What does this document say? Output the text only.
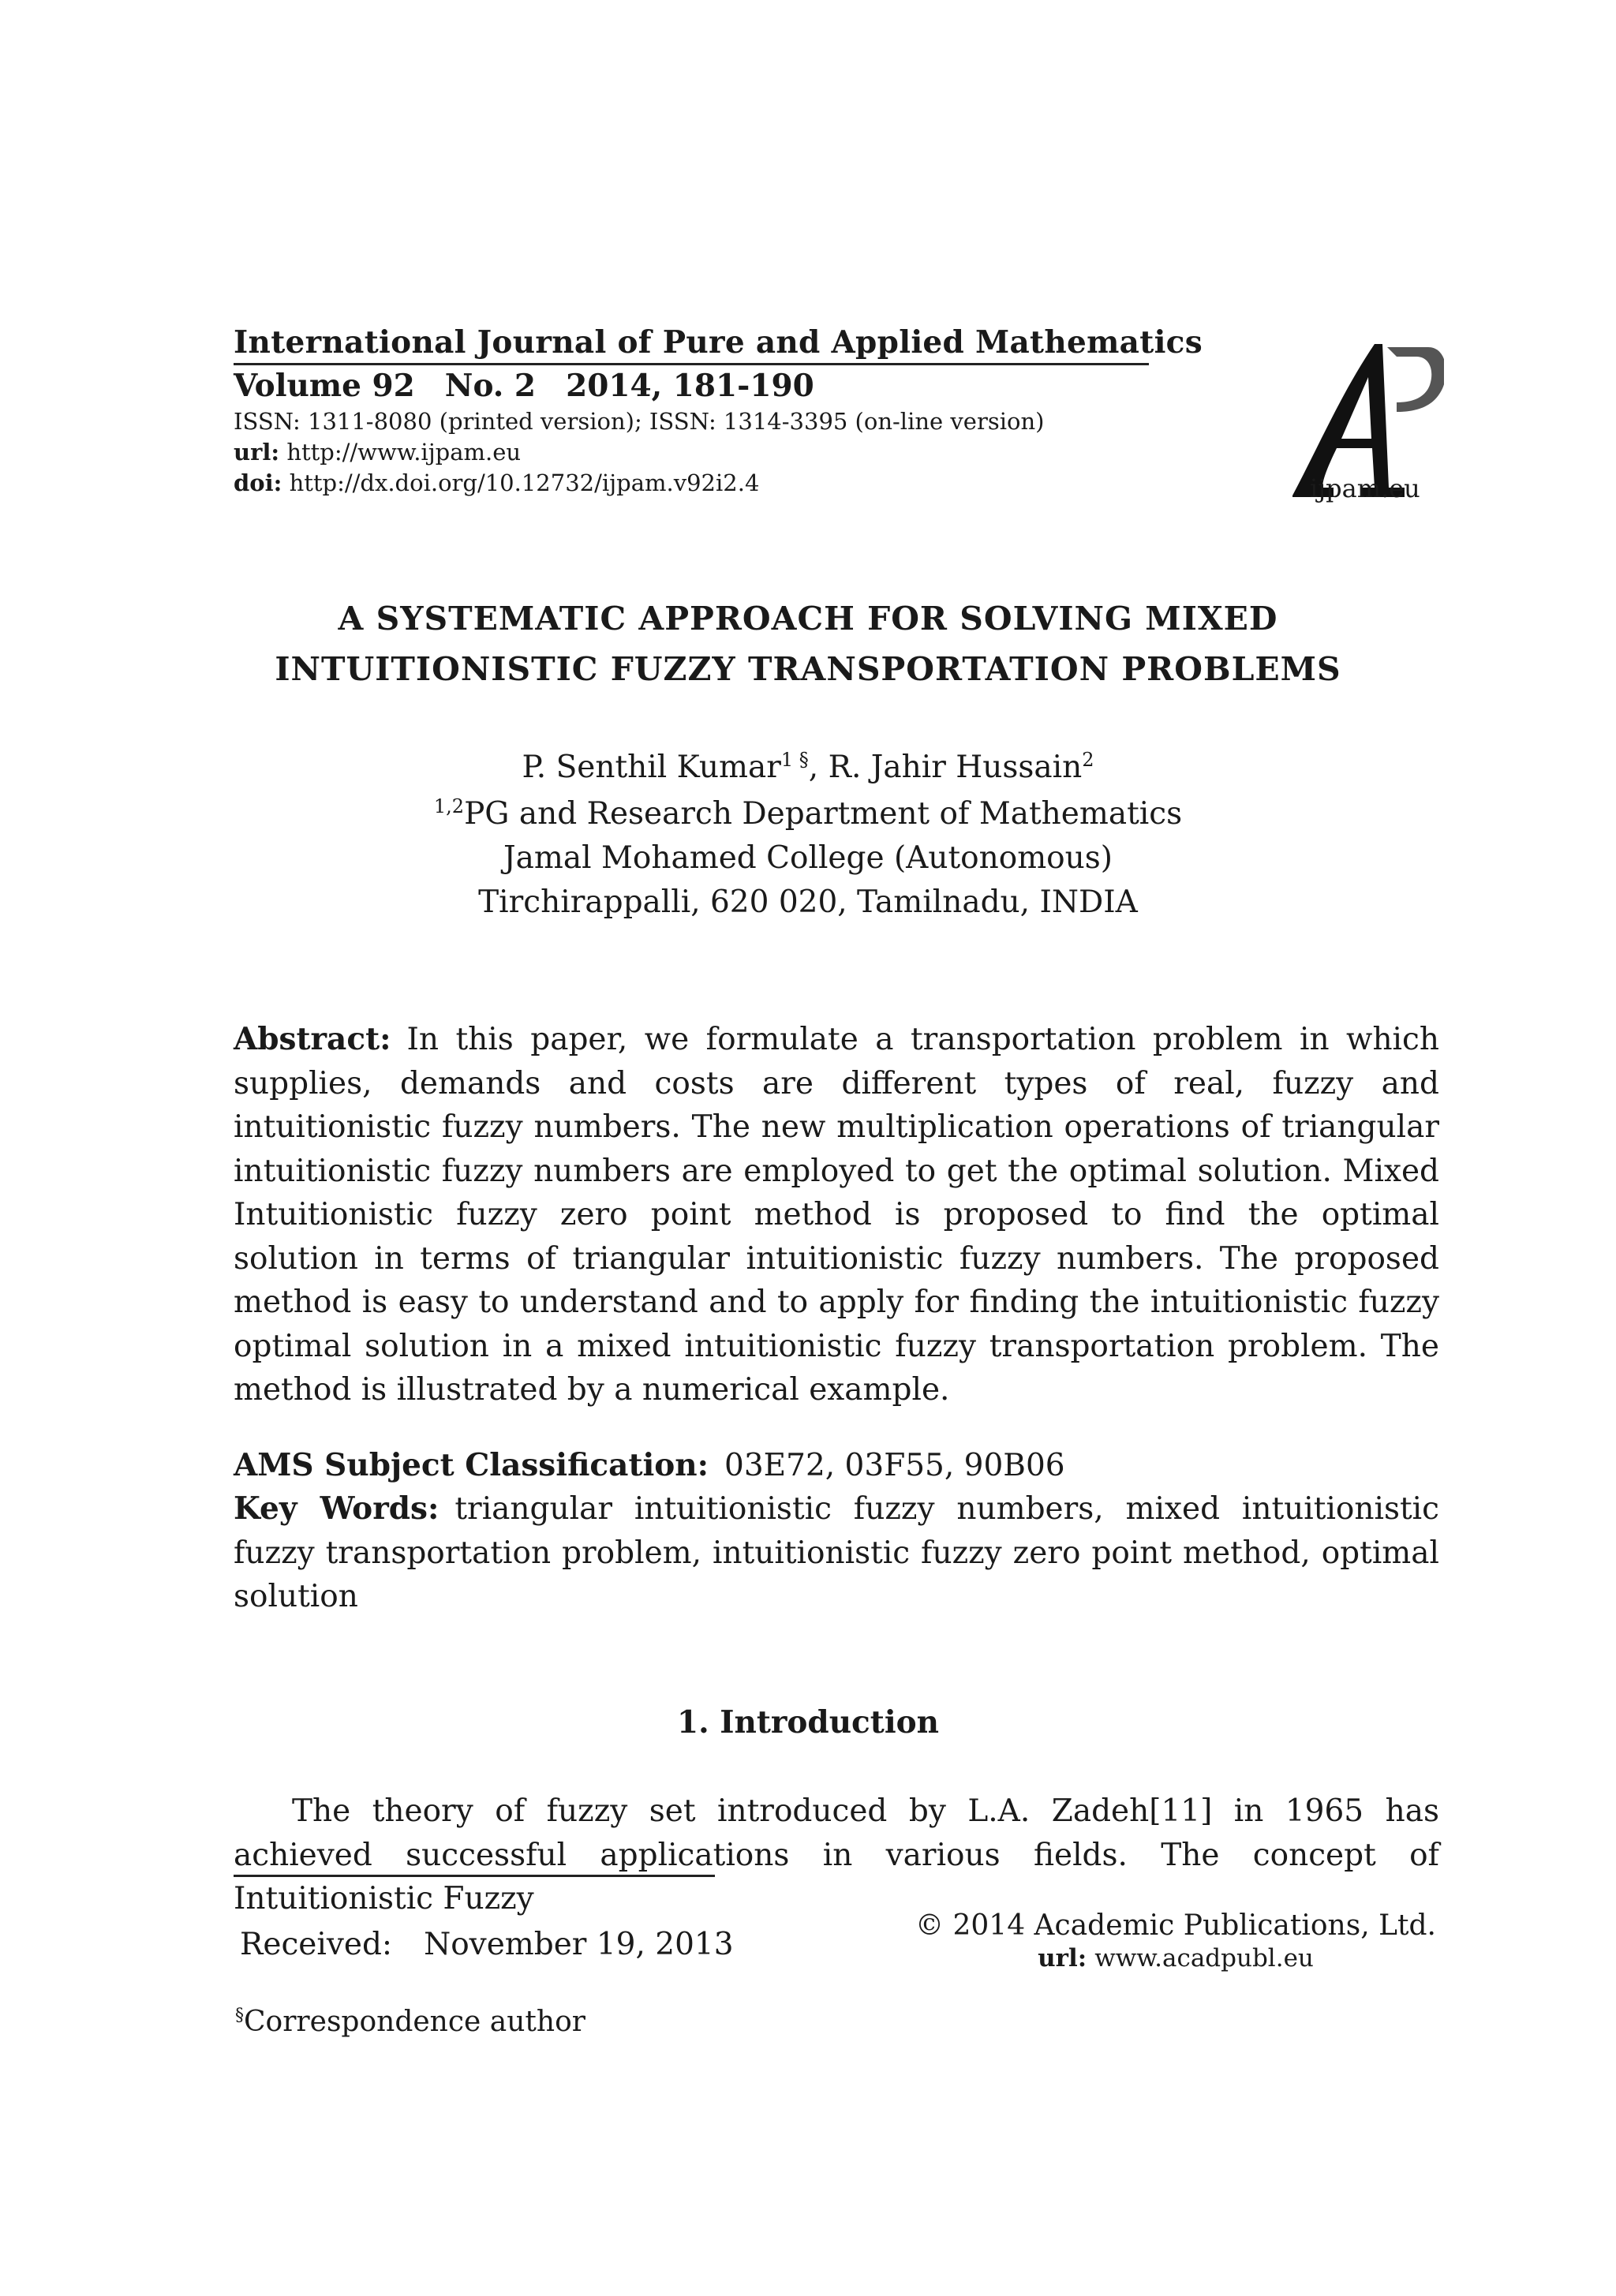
International Journal of Pure and Applied Mathematics
Volume 92 No. 2 2014, 181-190
ISSN: 1311-8080 (printed version); ISSN: 1314-3395 (on-line version)
url: http://www.ijpam.eu
doi: http://dx.doi.org/10.12732/ijpam.v92i2.4	ijpam.eu
A SYSTEMATIC APPROACH FOR SOLVING MIXED
INTUITIONISTIC FUZZY TRANSPORTATION PROBLEMS
P. Senthil Kumar$^{1 \S}$, R. Jahir Hussain$^2$
$^{1,2}$PG and Research Department of Mathematics
Jamal Mohamed College (Autonomous)
Tirchirappalli, 620 020, Tamilnadu, INDIA
Abstract: In this paper, we formulate a transportation problem in which supplies, demands and costs are different types of real, fuzzy and intuitionistic fuzzy numbers. The new multiplication operations of triangular intuitionistic fuzzy numbers are employed to get the optimal solution. Mixed Intuitionistic fuzzy zero point method is proposed to find the optimal solution in terms of triangular intuitionistic fuzzy numbers. The proposed method is easy to understand and to apply for finding the intuitionistic fuzzy optimal solution in a mixed intuitionistic fuzzy transportation problem. The method is illustrated by a numerical example.
AMS Subject Classification: 03E72, 03F55, 90B06
Key Words: triangular intuitionistic fuzzy numbers, mixed intuitionistic fuzzy transportation problem, intuitionistic fuzzy zero point method, optimal solution
1. Introduction
The theory of fuzzy set introduced by L.A. Zadeh[11] in 1965 has achieved successful applications in various fields. The concept of Intuitionistic Fuzzy
Received: November 19, 2013
© 2014 Academic Publications, Ltd.
url: www.acadpubl.eu
§Correspondence author
